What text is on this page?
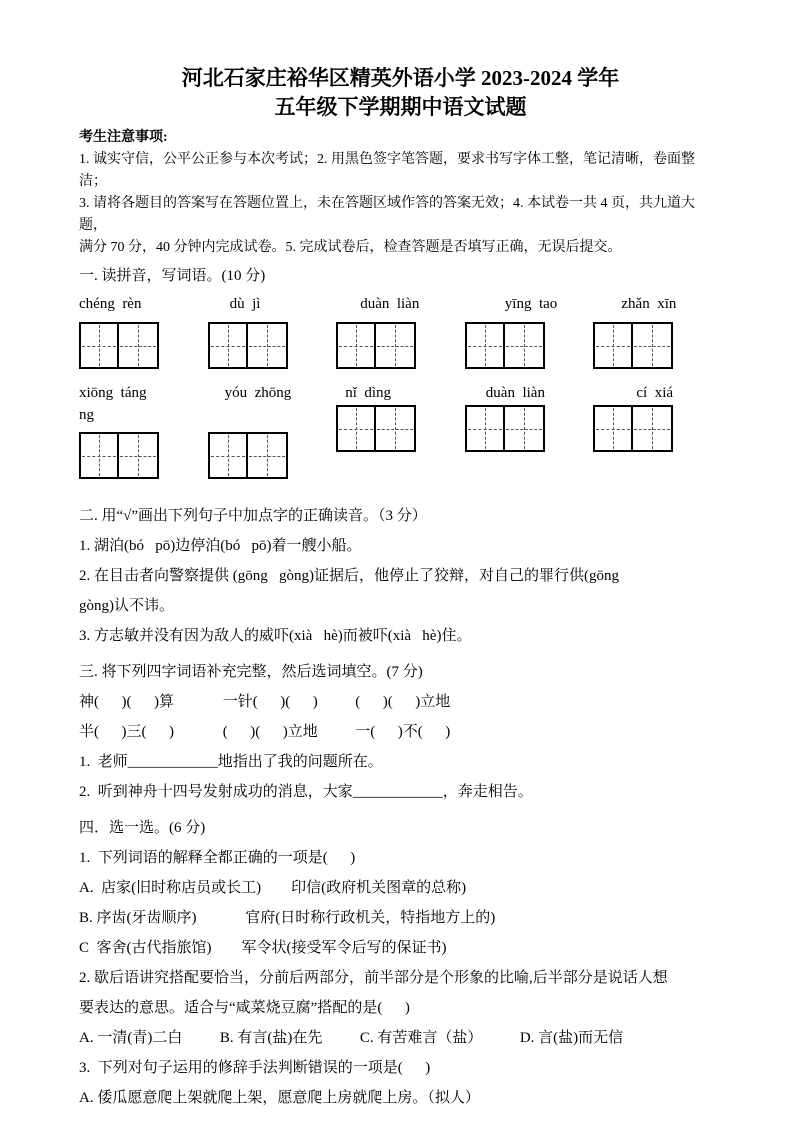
河北石家庄裕华区精英外语小学 2023-2024 学年
五年级下学期期中语文试题

考生注意事项:

1. 诚实守信，公平公正参与本次考试；2. 用黑色签字笔答题，要求书写字体工整，笔记清晰，卷面整洁；

3. 请将各题目的答案写在答题位置上，未在答题区域作答的答案无效；4. 本试卷一共 4 页，共九道大题，

满分 70 分，40 分钟内完成试卷。5. 完成试卷后，检查答题是否填写正确，无误后提交。

一. 读拼音，写词语。(10 分)

chéng  rèn	dù  jì	duàn  liàn	yīng  tao	zhǎn  xīn
xiōng  táng	yóu  zhōng	nǐ  dìng	duàn  liàn	cí  xiá
ng

二. 用“√”画出下列句子中加点字的正确读音。（3 分）

1. 湖泊(bó   pō)边停泊(bó   pō)着一艘小船。

2. 在目击者向警察提供 (gōng   gòng)证据后，他停止了狡辩，对自己的罪行供(gōng

gòng)认不讳。

3. 方志敏并没有因为敌人的威吓(xià   hè)而被吓(xià   hè)住。

三. 将下列四字词语补充完整，然后选词填空。(7 分)

神(      )(      )算             一针(      )(      )          (      )(      )立地

半(      )三(      )             (      )(      )立地          一(      )不(      )

1.  老师____________地指出了我的问题所在。

2.  听到神舟十四号发射成功的消息，大家____________，奔走相告。

四．选一选。(6 分)

1.  下列词语的解释全都正确的一项是(      )

A.  店家(旧时称店员或长工)        印信(政府机关图章的总称)

B. 序齿(牙齿顺序)             官府(日时称行政机关，特指地方上的)

C  客舍(古代指旅馆)        军令状(接受军令后写的保证书)

2. 歇后语讲究搭配要恰当，分前后两部分，前半部分是个形象的比喻,后半部分是说话人想

要表达的意思。适合与“咸菜烧豆腐”搭配的是(      )

A. 一清(青)二白          B. 有言(盐)在先          C. 有苦难言（盐）          D. 言(盐)而无信

3.  下列对句子运用的修辞手法判断错误的一项是(      )

A. 倭瓜愿意爬上架就爬上架，愿意爬上房就爬上房。（拟人）
